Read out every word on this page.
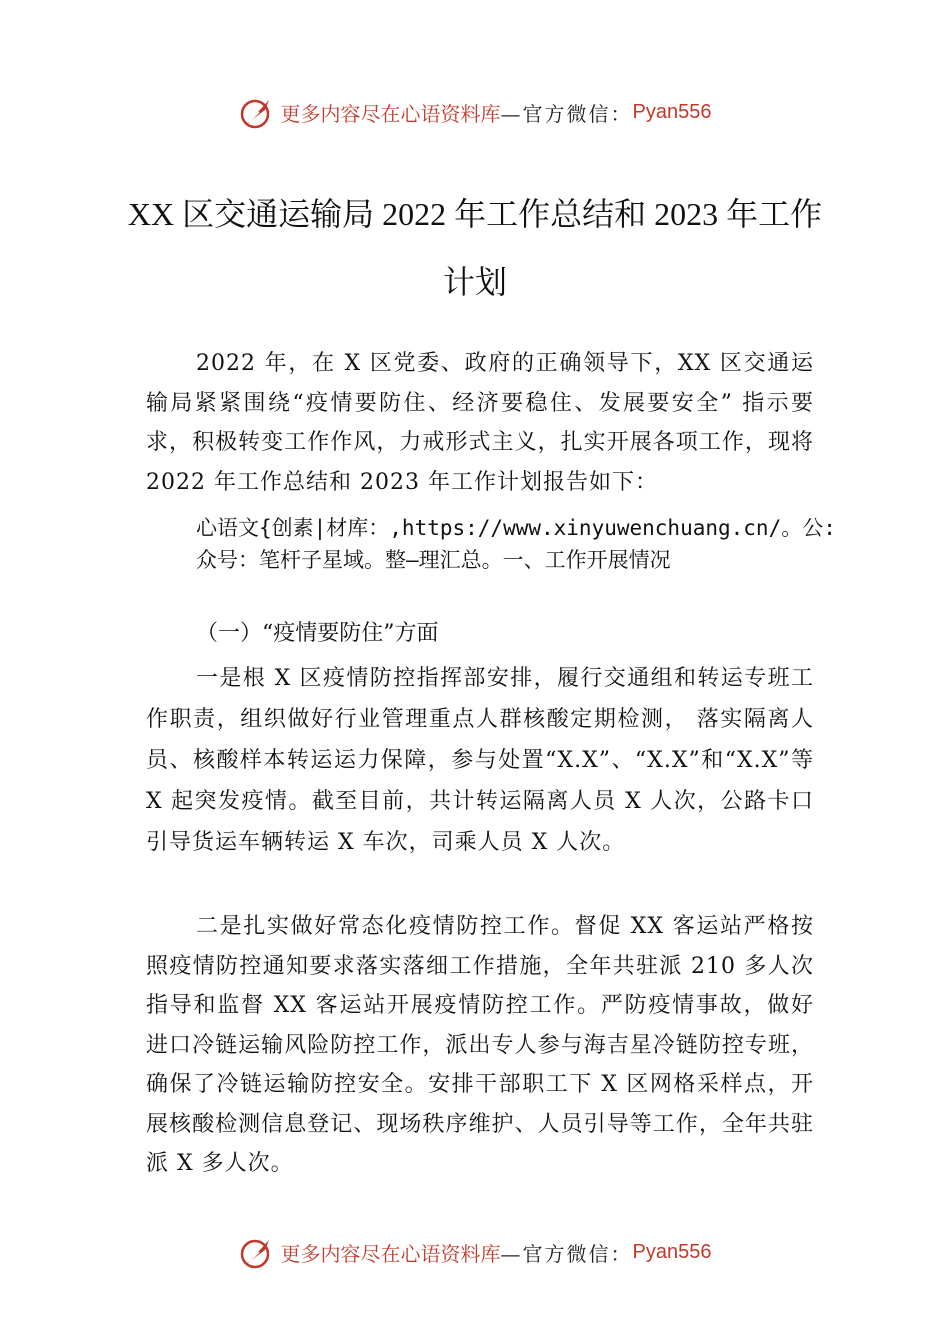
更多内容尽在心语资料库 —官方微信： Pyan556
XX 区交通运输局 2022 年工作总结和 2023 年工作计划

2022 年，在 X 区党委、政府的正确领导下，XX 区交通运输局紧紧围绕“疫情要防住、经济要稳住、发展要安全” 指示要求，积极转变工作作风，力戒形式主义，扎实开展各项工作，现将 2022 年工作总结和 2023 年工作计划报告如下：

心语文{创素|材库：,https://www.xinyuwenchuang.cn/。公:众号：笔杆子星域。整—理汇总。一、工作开展情况

（一）“疫情要防住”方面

一是根 X 区疫情防控指挥部安排，履行交通组和转运专班工作职责，组织做好行业管理重点人群核酸定期检测， 落实隔离人员、核酸样本转运运力保障，参与处置“X.X”、“X.X”和“X.X”等 X 起突发疫情。截至目前，共计转运隔离人员 X 人次，公路卡口引导货运车辆转运 X 车次，司乘人员 X 人次。

二是扎实做好常态化疫情防控工作。督促 XX 客运站严格按照疫情防控通知要求落实落细工作措施，全年共驻派 210 多人次指导和监督 XX 客运站开展疫情防控工作。严防疫情事故，做好进口冷链运输风险防控工作，派出专人参与海吉星冷链防控专班，确保了冷链运输防控安全。安排干部职工下 X 区网格采样点，开展核酸检测信息登记、现场秩序维护、人员引导等工作，全年共驻派 X 多人次。

更多内容尽在心语资料库 —官方微信： Pyan556
